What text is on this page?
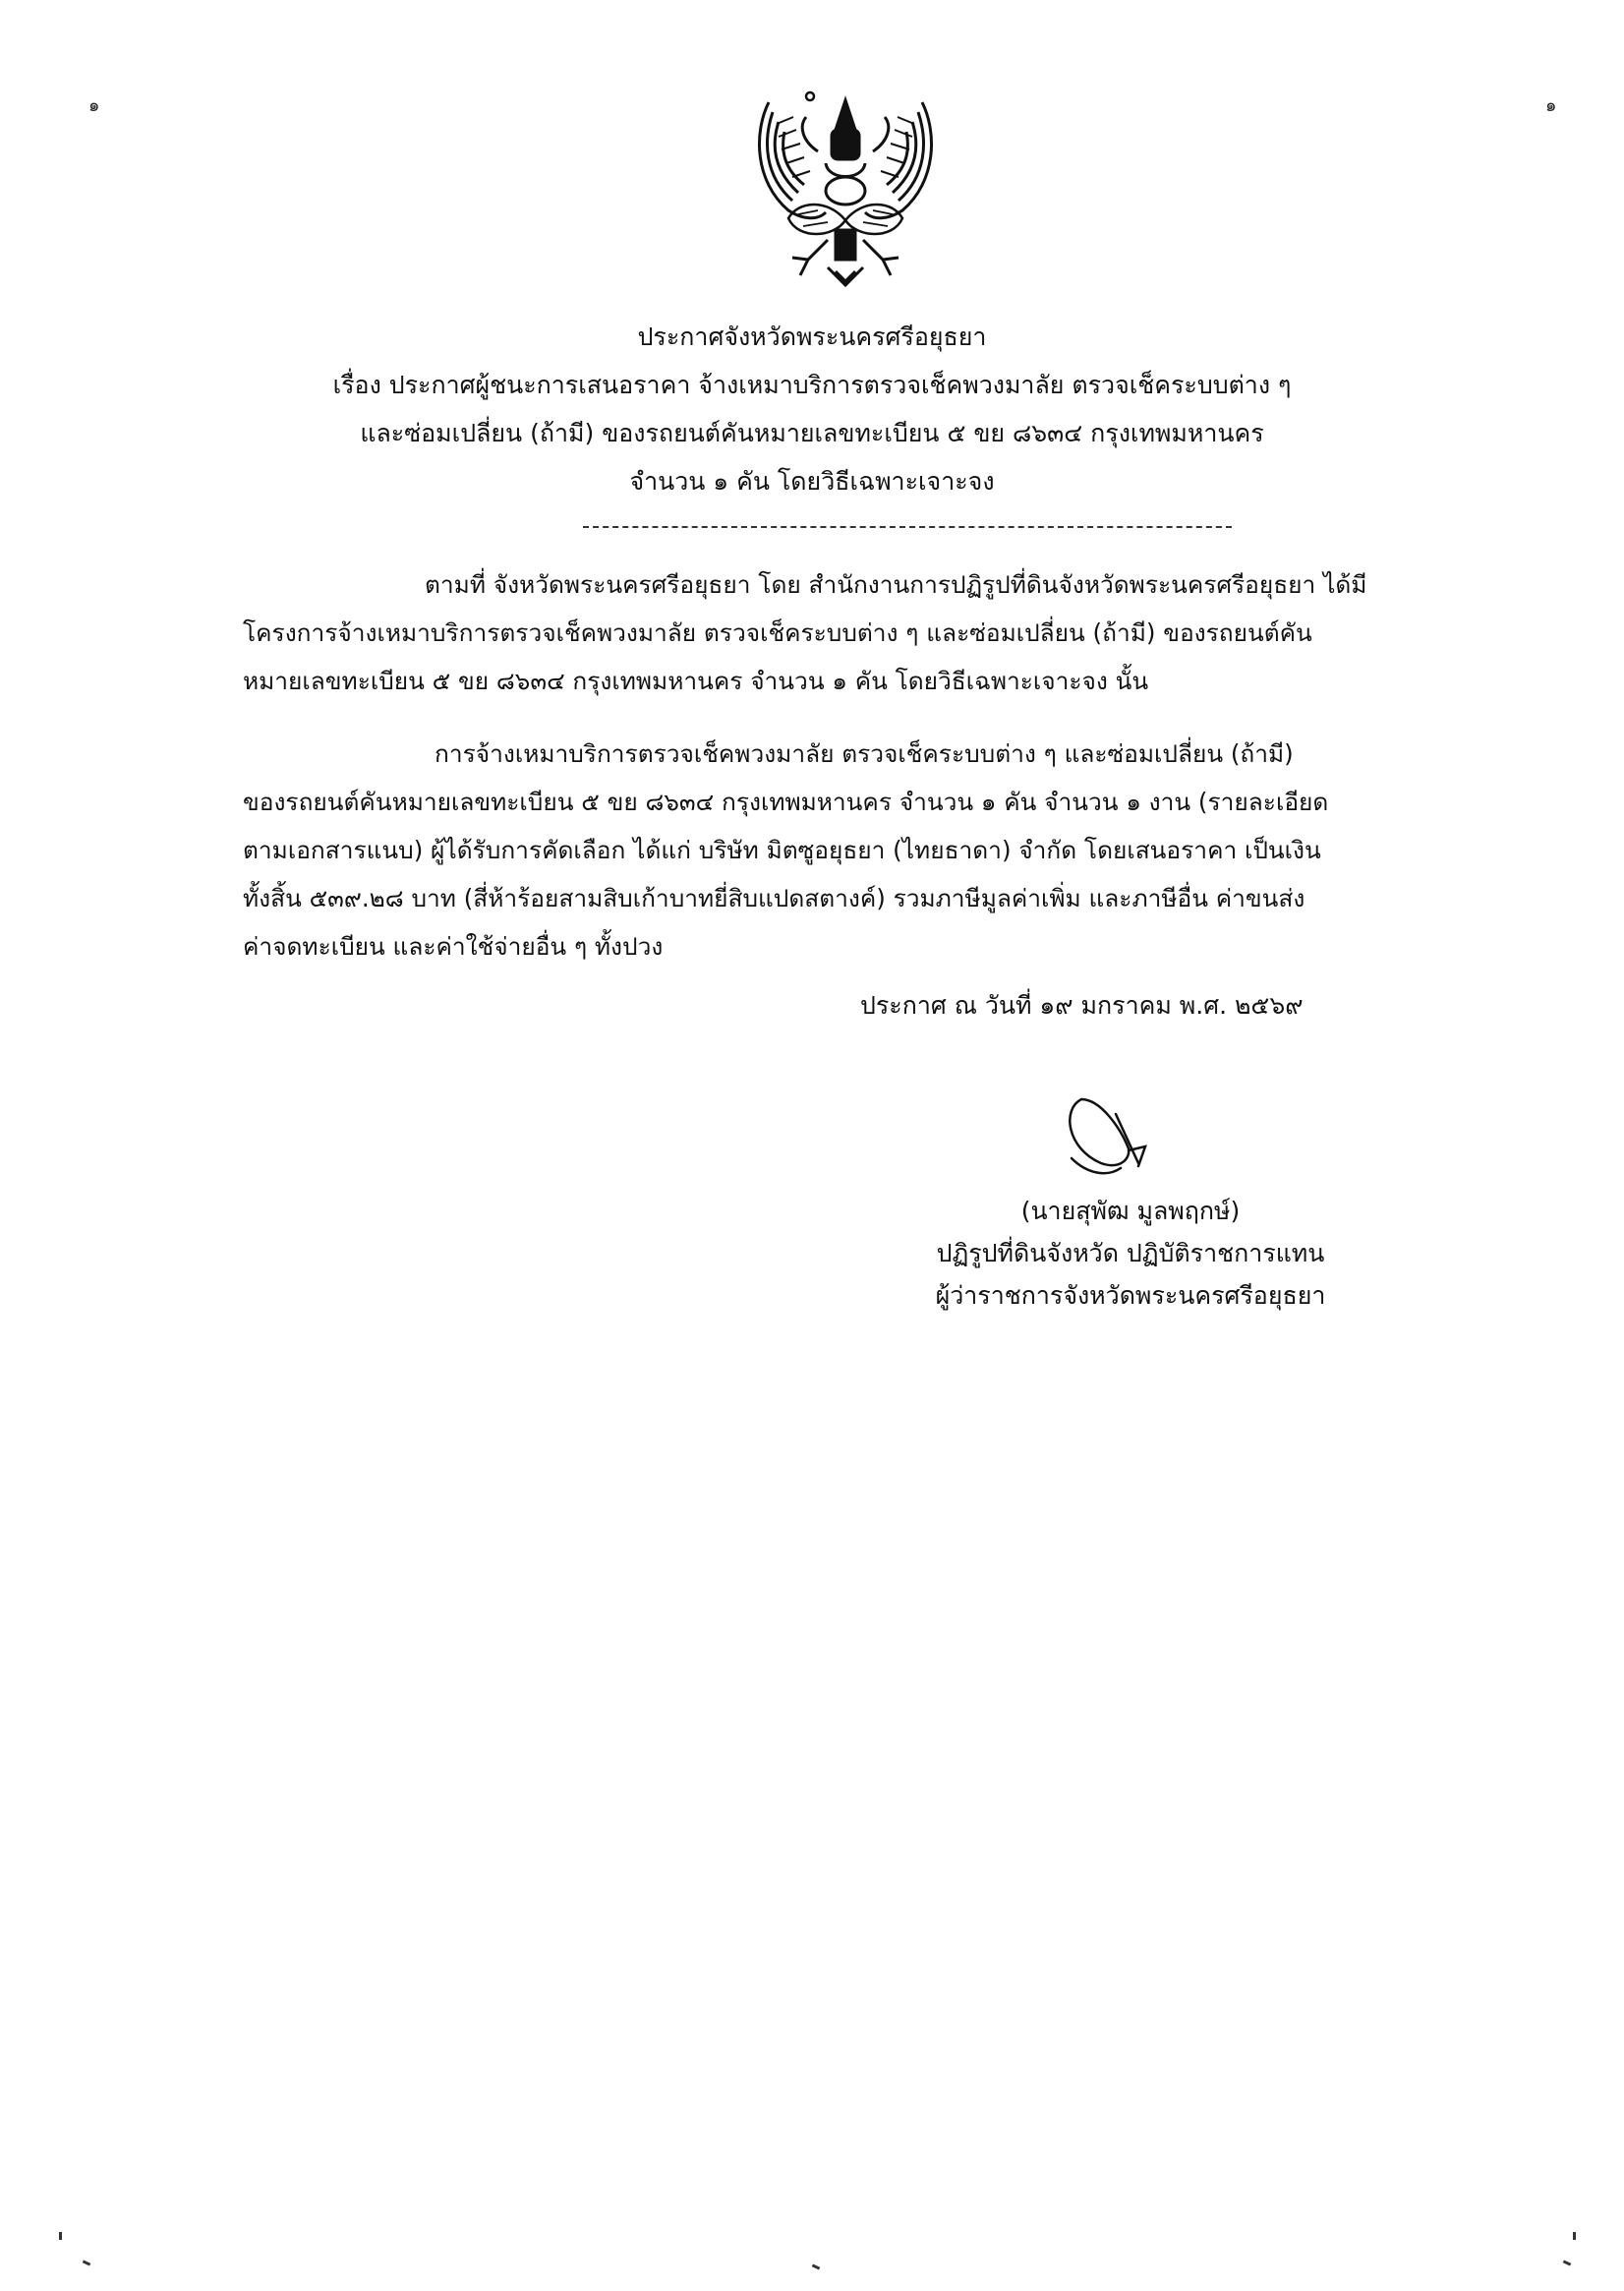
๑	๑
ประกาศจังหวัดพระนครศรีอยุธยา
เรื่อง ประกาศผู้ชนะการเสนอราคา จ้างเหมาบริการตรวจเช็คพวงมาลัย ตรวจเช็คระบบต่าง ๆ
และซ่อมเปลี่ยน (ถ้ามี) ของรถยนต์คันหมายเลขทะเบียน ๕ ขย ๘๖๓๔ กรุงเทพมหานคร
จำนวน ๑ คัน โดยวิธีเฉพาะเจาะจง
ตามที่ จังหวัดพระนครศรีอยุธยา โดย สำนักงานการปฏิรูปที่ดินจังหวัดพระนครศรีอยุธยา ได้มี
โครงการจ้างเหมาบริการตรวจเช็คพวงมาลัย ตรวจเช็คระบบต่าง ๆ และซ่อมเปลี่ยน (ถ้ามี) ของรถยนต์คัน
หมายเลขทะเบียน ๕ ขย ๘๖๓๔ กรุงเทพมหานคร จำนวน ๑ คัน โดยวิธีเฉพาะเจาะจง นั้น
การจ้างเหมาบริการตรวจเช็คพวงมาลัย ตรวจเช็คระบบต่าง ๆ และซ่อมเปลี่ยน (ถ้ามี)
ของรถยนต์คันหมายเลขทะเบียน ๕ ขย ๘๖๓๔ กรุงเทพมหานคร จำนวน ๑ คัน จำนวน ๑ งาน (รายละเอียด
ตามเอกสารแนบ) ผู้ได้รับการคัดเลือก ได้แก่ บริษัท มิตซูอยุธยา (ไทยธาดา) จำกัด โดยเสนอราคา เป็นเงิน
ทั้งสิ้น ๕๓๙.๒๘ บาท (สี่ห้าร้อยสามสิบเก้าบาทยี่สิบแปดสตางค์) รวมภาษีมูลค่าเพิ่ม และภาษีอื่น ค่าขนส่ง
ค่าจดทะเบียน และค่าใช้จ่ายอื่น ๆ ทั้งปวง
ประกาศ ณ วันที่ ๑๙ มกราคม พ.ศ. ๒๕๖๙
(นายสุพัฒ มูลพฤกษ์)
ปฏิรูปที่ดินจังหวัด ปฏิบัติราชการแทน
ผู้ว่าราชการจังหวัดพระนครศรีอยุธยา
